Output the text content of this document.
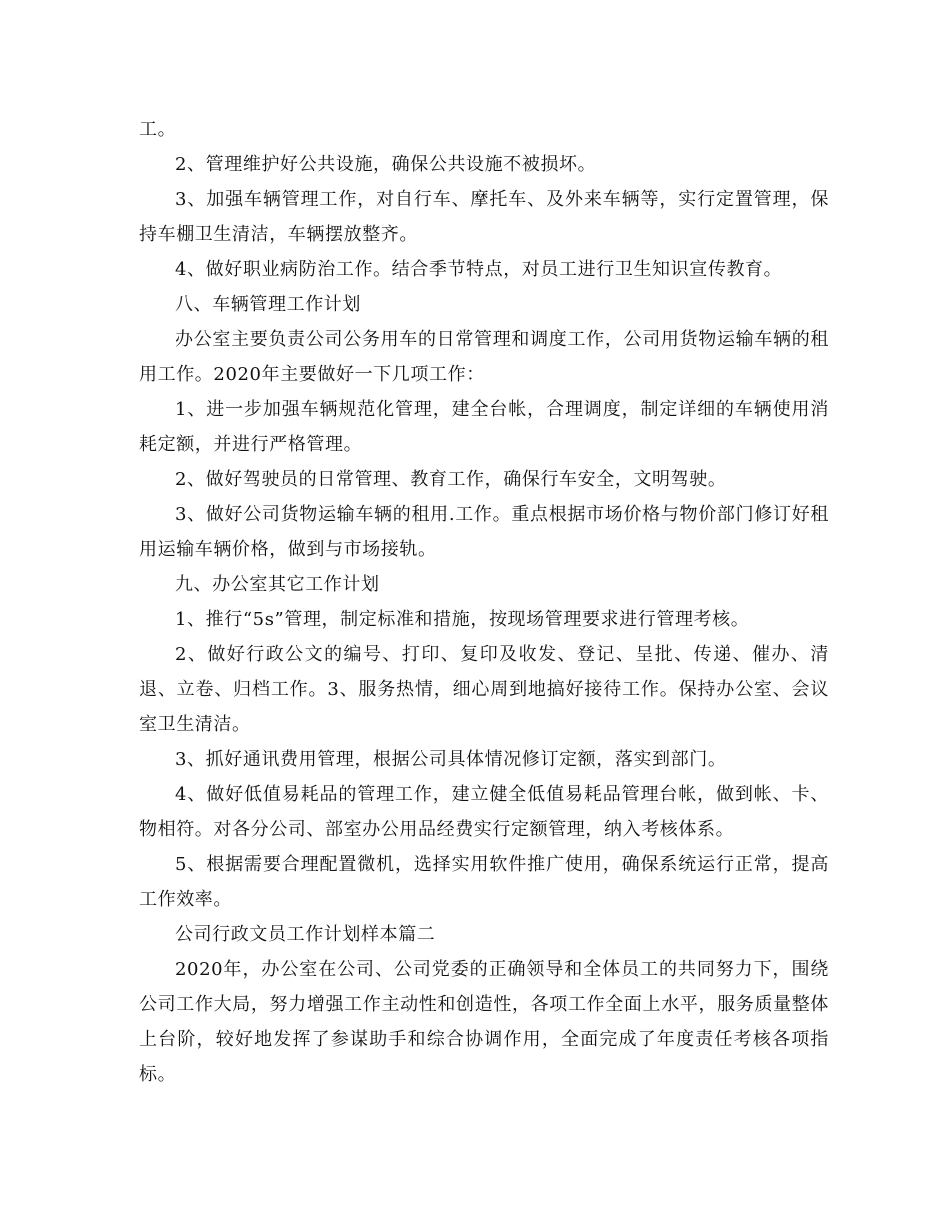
工。

2、管理维护好公共设施，确保公共设施不被损坏。

3、加强车辆管理工作，对自行车、摩托车、及外来车辆等，实行定置管理，保持车棚卫生清洁，车辆摆放整齐。

4、做好职业病防治工作。结合季节特点，对员工进行卫生知识宣传教育。

八、车辆管理工作计划

办公室主要负责公司公务用车的日常管理和调度工作，公司用货物运输车辆的租用工作。2020年主要做好一下几项工作：

1、进一步加强车辆规范化管理，建全台帐，合理调度，制定详细的车辆使用消耗定额，并进行严格管理。

2、做好驾驶员的日常管理、教育工作，确保行车安全，文明驾驶。

3、做好公司货物运输车辆的租用.工作。重点根据市场价格与物价部门修订好租用运输车辆价格，做到与市场接轨。

九、办公室其它工作计划

1、推行“5s”管理，制定标准和措施，按现场管理要求进行管理考核。

2、做好行政公文的编号、打印、复印及收发、登记、呈批、传递、催办、清退、立卷、归档工作。3、服务热情，细心周到地搞好接待工作。保持办公室、会议室卫生清洁。

3、抓好通讯费用管理，根据公司具体情况修订定额，落实到部门。

4、做好低值易耗品的管理工作，建立健全低值易耗品管理台帐，做到帐、卡、物相符。对各分公司、部室办公用品经费实行定额管理，纳入考核体系。

5、根据需要合理配置微机，选择实用软件推广使用，确保系统运行正常，提高工作效率。

公司行政文员工作计划样本篇二

2020年，办公室在公司、公司党委的正确领导和全体员工的共同努力下，围绕公司工作大局，努力增强工作主动性和创造性，各项工作全面上水平，服务质量整体上台阶，较好地发挥了参谋助手和综合协调作用，全面完成了年度责任考核各项指标。
